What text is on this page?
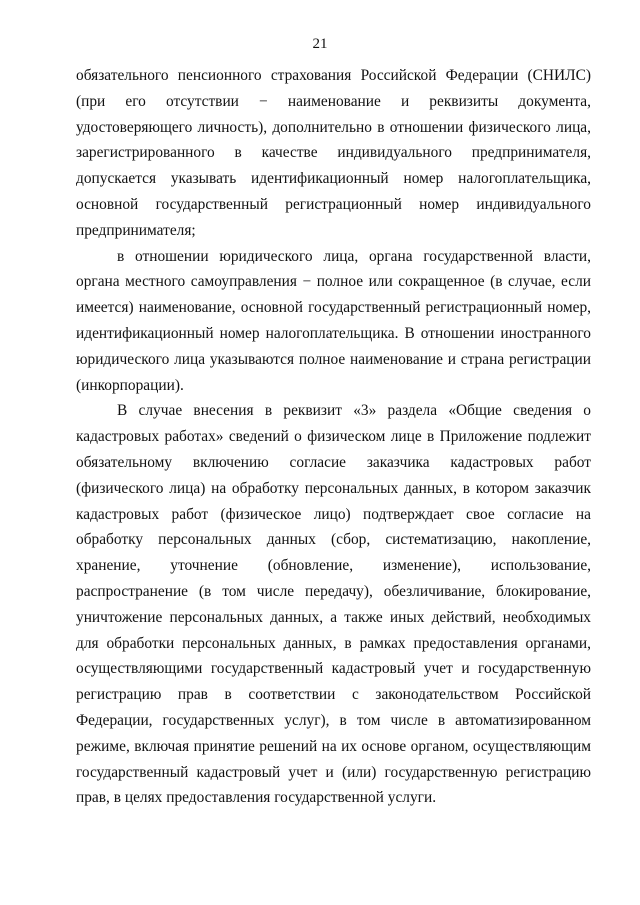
21

обязательного пенсионного страхования Российской Федерации (СНИЛС) (при его отсутствии − наименование и реквизиты документа, удостоверяющего личность), дополнительно в отношении физического лица, зарегистрированного в качестве индивидуального предпринимателя, допускается указывать идентификационный номер налогоплательщика, основной государственный регистрационный номер индивидуального предпринимателя;

в отношении юридического лица, органа государственной власти, органа местного самоуправления − полное или сокращенное (в случае, если имеется) наименование, основной государственный регистрационный номер, идентификационный номер налогоплательщика. В отношении иностранного юридического лица указываются полное наименование и страна регистрации (инкорпорации).

В случае внесения в реквизит «3» раздела «Общие сведения о кадастровых работах» сведений о физическом лице в Приложение подлежит обязательному включению согласие заказчика кадастровых работ (физического лица) на обработку персональных данных, в котором заказчик кадастровых работ (физическое лицо) подтверждает свое согласие на обработку персональных данных (сбор, систематизацию, накопление, хранение, уточнение (обновление, изменение), использование, распространение (в том числе передачу), обезличивание, блокирование, уничтожение персональных данных, а также иных действий, необходимых для обработки персональных данных, в рамках предоставления органами, осуществляющими государственный кадастровый учет и государственную регистрацию прав в соответствии с законодательством Российской Федерации, государственных услуг), в том числе в автоматизированном режиме, включая принятие решений на их основе органом, осуществляющим государственный кадастровый учет и (или) государственную регистрацию прав, в целях предоставления государственной услуги.
